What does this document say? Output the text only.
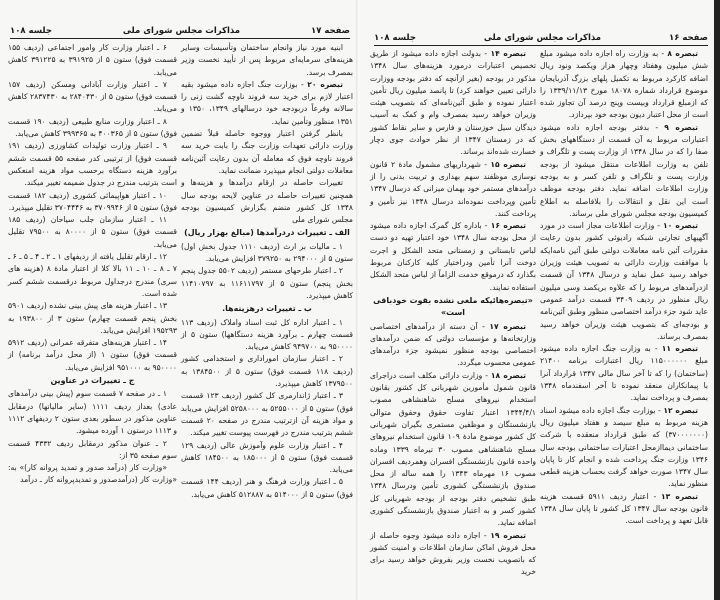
صفحه ۱۷
مذاکرات مجلس شورای ملی
جلسه ۱۰۸

ابنیه مورد نیاز وانجام ساختمان وتأسیسات وسایر هزینه‌های سرمایه‌ای مربوط پس از تأیید نخست وزیر بمصرف برسد.

تبصره ۲۰ - بوزارت جنگ اجازه داده میشود بقیه اعتبار لازم برای خرید سه فروند ناوچه گشت زنی را سالانه وفرعاً دربودجه خود درسالهای ۱۳۴۹، ۱۳۵۰ و ۱۳۵۱ منظور وتأمین نماید.

بانظر گرفتن اعتبار ووجوه حاصله قبلاً تضمین وزارت دارائی تعهدات وزارت جنگ را بابت خرید سه فروند ناوچه فوق که معامله آن بدون رعایت آئین‌نامه معاملات دولتی انجام میپذیرد ضمانت نماید.

تغییرات حاصله در ارقام درآمدها و هزینه‌ها و همچنین تغییرات حاصله در عناوین لایحه بودجه سال ۱۳۴۸ کل کشور منضم بگزارش کمیسیون بودجه مجلس شورای ملی

الف ـ تغییرات دردرآمدها (مبالغ بهزار ریال)

۱ ـ مالیات بر ارث (ردیف ۱۱۱۰ جدول بخش اول) ستون ۵ از ۲۹۴۰۰۰ به ۳۷۹۲۵۰ افزایش می‌یابد.

۲ ـ اعتبار طرحهای مستمر (ردیف ۵۵۰۲ جدول پنجم بخش پنجم) ستون ۵ از ۱۱۶۱۱۷۹۷ به ۱۱۴۱۰۷۹۷ کاهش میپذیرد.

ب ـ تغییرات درهزینه‌ها.

۱ ـ اعتبار اداره کل ثبت اسناد واملاک (ردیف ۱۱۳ قسمت چهارم ـ برآورد هزینه دستگاهها) ستون ۵ از ۹۵۰۰۰۰ به ۹۴۹۷۰۰ کاهش می‌یابد.

۲ ـ اعتبار سازمان اموراداری و استخدامی کشور (ردیف ۱۱۸ قسمت فوق) ستون ۵ از ۱۳۸۴۵۰۰ به ۱۳۷۹۵۰۰ کاهش میپذیرد.

۳ ـ اعتبار ژاندارمری کل کشور (ردیف ۱۲۳ قسمت فوق) ستون ۵ از ۵۲۵۵۰۰۰ به ۵۲۵۸۰۰۰ افزایش می‌یابد و مواد هزینه آن ازترتیب مندرج در صفحه ۲۰ قسمت ششم بترتیب مندرج در فهرست پیوست تغییر میکند.

۴ ـ اعتبار وزارت علوم وآموزش عالی (ردیف ۱۲۹ قسمت فوق) ستون ۵ از ۱۸۵۰۰۰ به ۱۸۴۵۰۰ کاهش می‌یابد.

۵ ـ اعتبار وزارت فرهنگ و هنر (ردیف ۱۴۴ قسمت فوق) ستون ۵ از ۵۱۴۰۰۰ به ۵۱۲۸۸۷ کاهش می‌یابد.

۶ ـ اعتبار وزارت کار وامور اجتماعی (ردیف ۱۵۵ قسمت فوق) ستون ۵ از ۳۹۱۹۲۵ به ۳۹۱۲۲۵ کاهش می‌یابد.

۷ ـ اعتبار وزارت آبادانی ومسکن (ردیف ۱۵۷ قسمت فوق) ستون ۵ از ۲۸۴۰۴۳۰ به ۲۸۳۷۴۳۰ کاهش می‌یابد.

۸ ـ اعتبار وزارت منابع طبیعی (ردیف ۱۹۰ قسمت فوق) ستون ۵ از ۴۰۰۳۶۵ به ۳۹۹۳۶۵ کاهش می‌یابد.

۹ ـ اعتبار وزارت تولیدات کشاورزی (ردیف ۱۹۱ قسمت فوق) از ترتیبی کدر صفحه ۵۵ قسمت ششم برآورد هزینه دستگاه برحسب مواد هزینه امنعکس است بترتیب مندرج در جدول ضمیمه تغییر میکند.

۱۰ ـ اعتبار هواپیمائی کشوری (ردیف ۱۸۲ قسمت فوق) ستون ۵ از ۳۷۰۹۹۴۶ به ۳۷۰۴۴۴۶ تقلیل میپذیرد.

۱۱ ـ اعتبار سازمان جلب سیاحان (ردیف ۱۸۵ قسمت فوق) ستون ۵ از ۸۰۰۰۰ به ۷۹۵۰۰ تقلیل می‌یابد.

۱۲ ـ ارقام تقلیل یافته از ردیفهای ۱ ـ ۲ ـ ۴ ـ ۵ ـ ۶ ـ ۷ ـ ۸ ـ ۱۰ ـ ۱۱ بالا کلا از اعتبار مادهٔ ۸ (هزینه های سری) مندرج درجداول مربوط درقسمت ششم کسر شده است.

۱۳ ـ اعتبار هزینه های پیش بینی نشده (ردیف ۵۹۰۱ بخش پنجم قسمت چهارم) ستون ۳ از ۱۹۳۸۰۰ به ۱۹۵۲۹۳ افزایش می‌یابد.

۱۴ ـ اعتبار هزینه‌های متفرقه عمرانی (ردیف ۵۹۱۲ قسمت فوق) ستون ۱ (از محل درآمد برنامه) از ۹۵۰۰۰۰ به ۹۵۱۰۰۰ افزایش می‌یابد.

ج ـ تغییرات در عناوین

۱ ـ در صفحه ۷ قسمت سوم (پیش بینی درآمدهای عادی) بعداز ردیف ۱۱۱۱ (سایر مالیاتها) درمقابل عناوین مذکور در سطور بعدی ستون ۲ ردیفهای ۱۱۱۲ و ۱۱۱۳ درستون ۱ آورده میشود.

۲ ـ عنوان مذکور درمقابل ردیف ۴۳۳۲ قسمت سوم صفحه ۳۵ از:

«وزارت کار (درآمد صدور و تمدید پروانه کار)» به: «وزارت کار (درآمدصدور و تمدیدپروانه کار ـ درآمد

صفحه ۱۶
مذاکرات مجلس شورای ملی
جلسه ۱۰۸

تبصره ۸ - به وزارت راه اجازه داده میشود مبلغ شش میلیون وهفتاد وچهار هزار ویکصد ونود ریال اضافه کارکرد مربوط به تکمیل پلهای بزرگ آذربایجان موضوع قرارداد شماره ۱۸۰۷۸ مورخ ۱۳۳۹/۱۱/۱۳ را که ازمبلغ قرارداد وبیست وپنج درصد آن تجاوز شده است از محل اعتبار دیون بودجه خود بپردازد.

تبصره ۹ - بدفتر بودجه اجازه داده میشود اعتبارات مربوط به آن قسمت از دستگاههای بخش صفا را که در سال ۱۳۴۸ از وزارت پست و تلگراف و تلفن به وزارت اطلاعات منتقل میشود از بودجه وزارت پست و تلگراف و تلفن کسر و به بودجه وزارت اطلاعات اضافه نماید. دفتر بودجه موظف است این نقل و انتقالات را بلافاصله به اطلاع کمیسیون بودجه مجلس شورای ملی برساند.

تبصره ۱۰ - وزارت اطلاعات مجاز است در مورد آگهیهای تجارتی شبکه رادیوئی کشور بدون رعایت مقررات آئین نامه معاملات دولتی طبق آئین نامه‌ایکه با موافقت وزارت دارائی به تصویب هیئت وزیران خواهد رسید عمل نماید و درسال ۱۳۴۸ آن قسمت ازدرآمدهای مربوط را که علاوه بریکصد وسی میلیون ریال منظور در ردیف ۳۴۰۹ قسمت درآمد عمومی عاید شود جزء درآمد اختصاصی منظور وطبق آئین‌نامه و بودجه‌ای که بتصویب هیئت وزیران خواهد رسید بمصرف برساند.

تبصره ۱۱ - به وزارت جنگ اجازه داده میشود مبلغ ۱۱۵۰۰۰۰۰۰ ریال اعتبارات برنامه ۲۱۴۰۰ (ساختمان) را که تا آخر سال مالی ۱۳۴۷ قرارداد آنرا با پیمانکاران منعقد نموده تا آخر اسفندماه ۱۳۴۸ بمصرف و پرداخت نماید.

تبصره ۱۲ - بوزارت جنگ اجازه داده میشود اسناد هزینه مربوط به مبلغ سیصد و هفتاد میلیون ریال (۳۷۰۰۰۰۰۰۰) که طبق قرارداد منعقده با شرکت ساختمانی دیماازمحل اعتبارات ساختمانی بودجه سال ۱۳۴۶ وزارت جنگ پرداخت شده و انجام کار تا پایان سال ۱۳۴۷ صورت خواهد گرفت بحساب هزینه قطعی منظور نماید.

تبصره ۱۳ - اعتبار ردیف ۵۹۱۱ قسمت هزینه قانون بودجه سال ۱۳۴۷ کل کشور تا پایان سال ۱۳۴۸ قابل تعهد و پرداخت است.

تبصره ۱۴ - بدولت اجازه داده میشود از طریق تخصیص اعتبارات درمورد هزینه‌های سال ۱۳۴۸ مذکور در بودجه (بغیر ازآنچه که دفتر بودجه ووزارت دارائی تعیین خواهند کرد) تا پانصد میلیون ریال تأمین اعتبار نموده و طبق آئین‌نامه‌ای که بتصویب هیئت وزیران خواهد رسید بمصرف وام و کمک به آسیب دیدگان سیل خوزستان و فارس و سایر نقاط کشور که در زمستان ۱۳۴۷ از نظر حوادث جوی دچار خسارت شده‌اند برساند.

تبصره ۱۵ - شهرداریهای مشمول مادهٔ ۲ قانون نوسازی موظفند سهم بهداری و تربیت بدنی را از درآمدهای مستمر خود بهمان میزانی که درسال ۱۳۴۷ تأمین وپرداخت نموده‌اند درسال ۱۳۴۸ نیز تأمین و پرداخت کنند.

تبصره ۱۶ - باداره کل گمرک اجازه داده میشود از محل بودجه سال ۱۳۴۸ خود اعتبار تهیه دو دست لباس تابستانی و زمستانی متحد الشکل و اجرت دوخت آنرا تأمین ودراختیار کلیه کارکنان مربوط بگذارد که درموقع خدمت الزاماً از لباس متحد الشکل استفاده نمایند.

«تبصره‌هائیکه ملغی نشده بقوت خودباقی است»

تبصره ۱۷ - آن دسته از درآمدهای اختصاصی وزارتخانه‌ها و مؤسسات دولتی که ضمن درآمدهای اختصاصی بودجه منظور نمیشود جزء درآمدهای عمومی محسوب میگردد.

تبصره ۱۸ - وزارت دارائی مکلف است دراجرای قانون شمول مأمورین شهربانی کل کشور بقانون استخدام نیروهای مسلح شاهنشاهی مصوب ۱۳۴۴/۴/۱ اعتبار تفاوت حقوق وحقوق متوالی بازنشستگان و موظفین مستمری بگیران شهربانی کل کشور موضوع مادهٔ ۱۰۹ قانون استخدام نیروهای مسلح شاهنشاهی مصوب ۳۰ تیرماه ۱۳۳۹ وماده واحده قانون بازنشستگی افسران وهمردیف افسران مصوب ۱۶ مهرماه ۱۳۴۳ را همه ساله از محل صندوق بازنشستگی کشوری تأمین ودرسال ۱۳۴۸ طبق تشخیص دفتر بودجه از بودجه شهربانی کل کشور کسر و به اعتبار صندوق بازنشستگی کشوری اضافه نماید.

تبصره ۱۹ - اجازه داده میشود وجوه حاصله از محل فروش اماکن سازمان اطلاعات و امنیت کشور که باتصویب نخست وزیر بفروش خواهد رسید برای خرید
